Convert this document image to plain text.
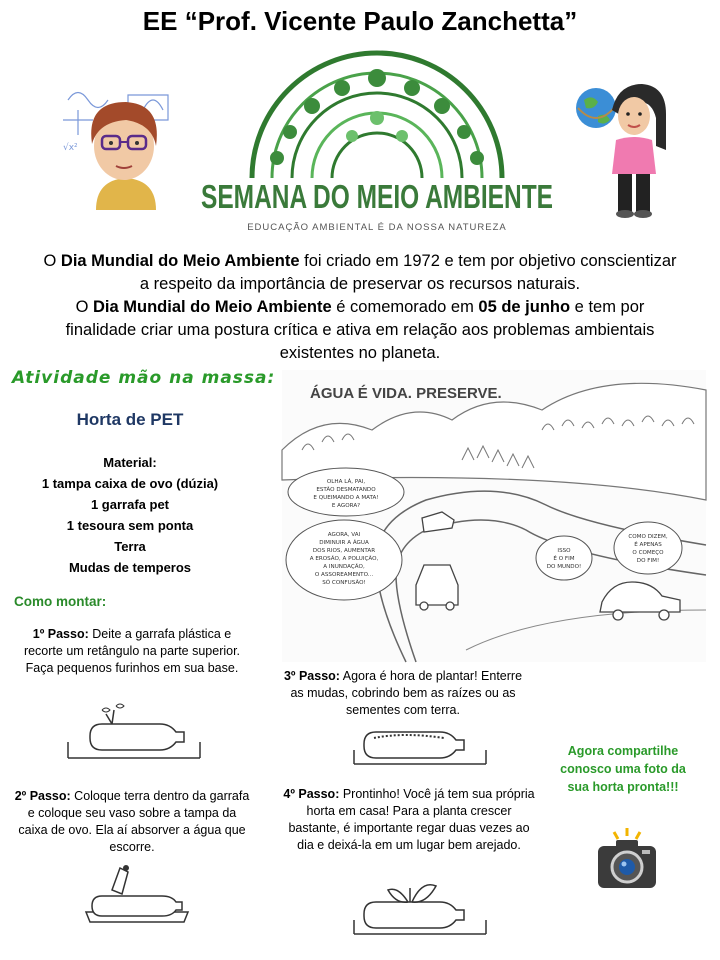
EE “Prof. Vicente Paulo Zanchetta”
√x²
SEMANA DO MEIO AMBIENTE
EDUCAÇÃO AMBIENTAL É DA NOSSA NATUREZA
O Dia Mundial do Meio Ambiente foi criado em 1972 e tem por objetivo conscientizar a respeito da importância de preservar os recursos naturais.
O Dia Mundial do Meio Ambiente é comemorado em 05 de junho e tem por finalidade criar uma postura crítica e ativa em relação aos problemas ambientais existentes no planeta.
Atividade mão na massa:
Horta de PET
Material:
1 tampa caixa de ovo (dúzia)
1 garrafa pet
1 tesoura sem ponta
Terra
Mudas de temperos
Como montar:
ÁGUA É VIDA. PRESERVE.
OLHA LÁ, PAI,
ESTÃO DESMATANDO
E QUEIMANDO A MATA!
E AGORA?
AGORA, VAI
DIMINUIR A ÁGUA
DOS RIOS, AUMENTAR
A EROSÃO, A POLUIÇÃO,
A INUNDAÇÃO,
O ASSOREAMENTO...
SÓ CONFUSÃO!
ISSO
É O FIM
DO MUNDO!
COMO DIZEM,
É APENAS
O COMEÇO
DO FIM!
1º Passo: Deite a garrafa plástica e recorte um retângulo na parte superior. Faça pequenos furinhos em sua base.
3º Passo: Agora é hora de plantar! Enterre as mudas, cobrindo bem as raízes ou as sementes com terra.
2º Passo: Coloque terra dentro da garrafa e coloque seu vaso sobre a tampa da caixa de ovo. Ela aí absorver a água que escorre.
4º Passo: Prontinho! Você já tem sua própria horta em casa! Para a planta crescer bastante, é importante regar duas vezes ao dia e deixá-la em um lugar bem arejado.
Agora compartilhe conosco uma foto da sua horta pronta!!!
